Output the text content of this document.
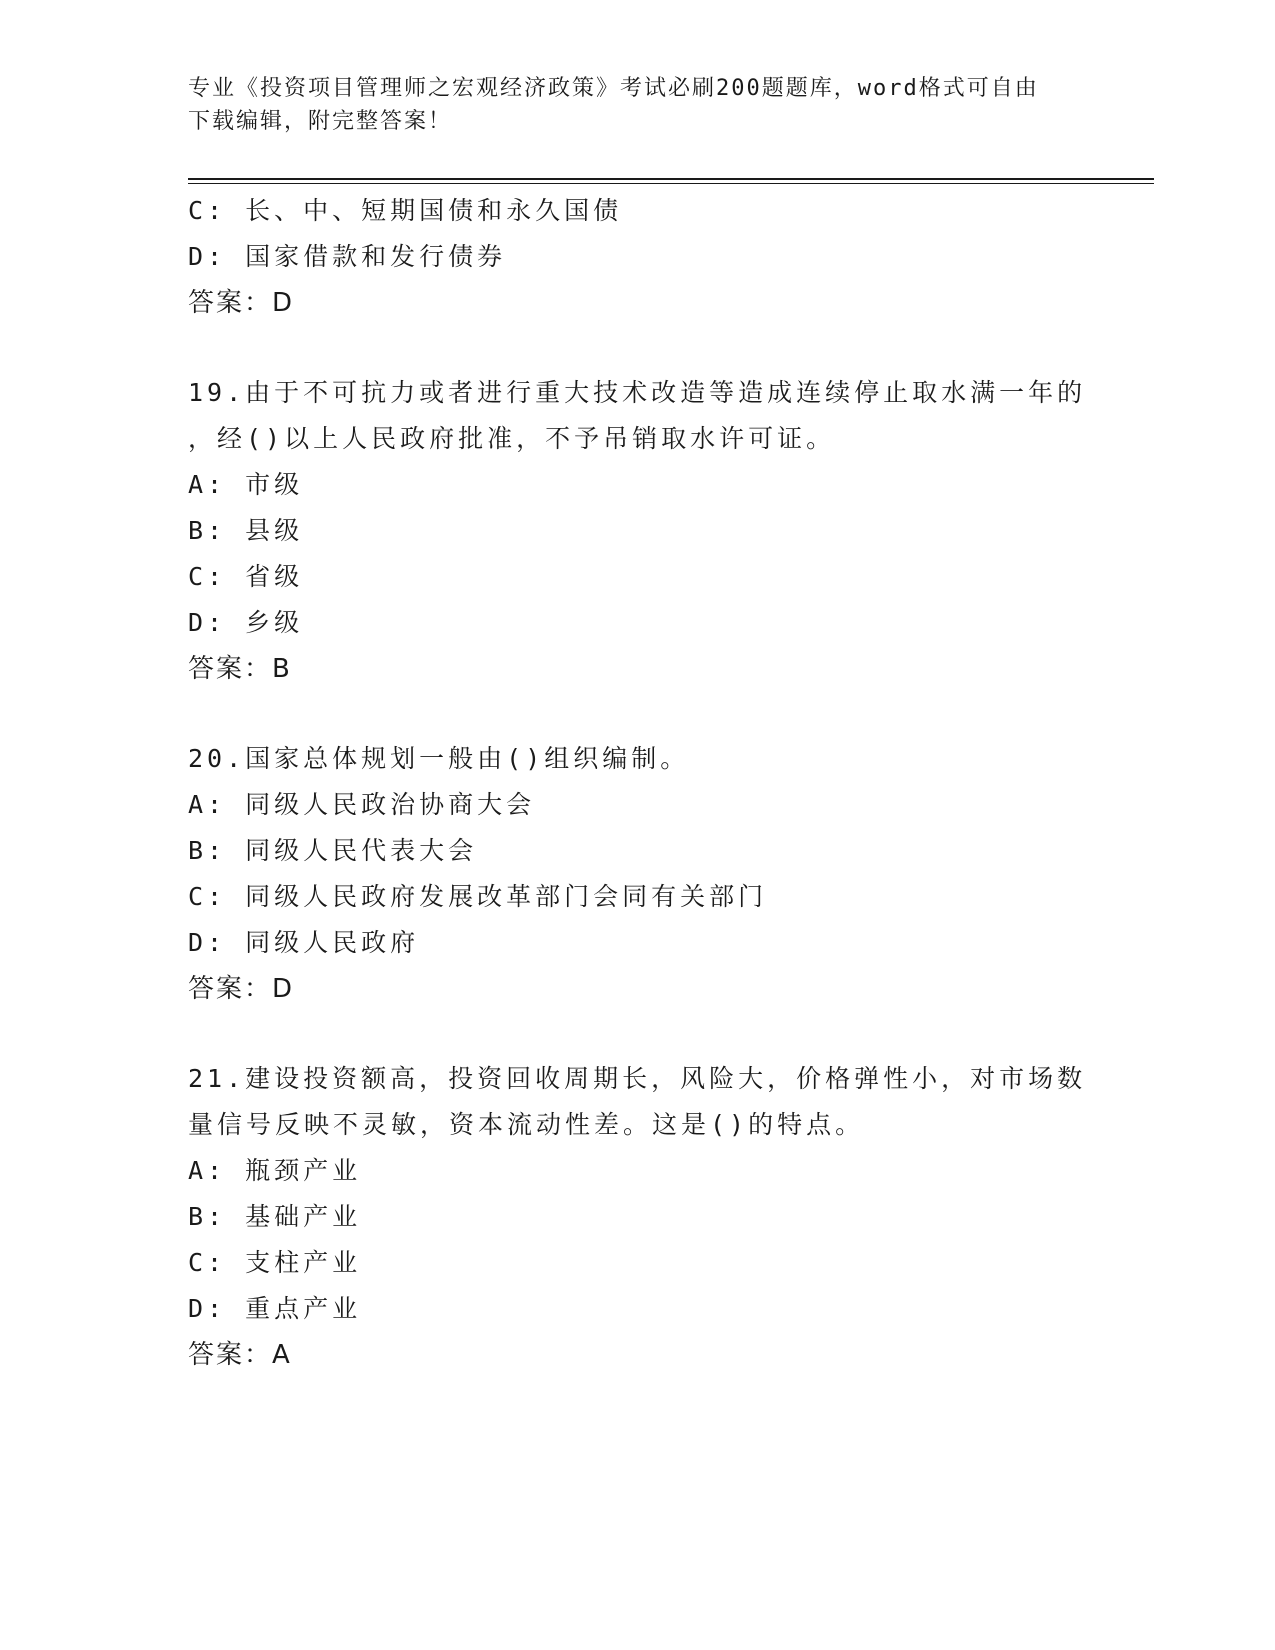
专业《投资项目管理师之宏观经济政策》考试必刷200题题库，word格式可自由
下载编辑，附完整答案！
C: 长、中、短期国债和永久国债
D: 国家借款和发行债券
答案：D
19.由于不可抗力或者进行重大技术改造等造成连续停止取水满一年的
，经()以上人民政府批准，不予吊销取水许可证。
A: 市级
B: 县级
C: 省级
D: 乡级
答案：B
20.国家总体规划一般由()组织编制。
A: 同级人民政治协商大会
B: 同级人民代表大会
C: 同级人民政府发展改革部门会同有关部门
D: 同级人民政府
答案：D
21.建设投资额高，投资回收周期长，风险大，价格弹性小，对市场数
量信号反映不灵敏，资本流动性差。这是()的特点。
A: 瓶颈产业
B: 基础产业
C: 支柱产业
D: 重点产业
答案：A
